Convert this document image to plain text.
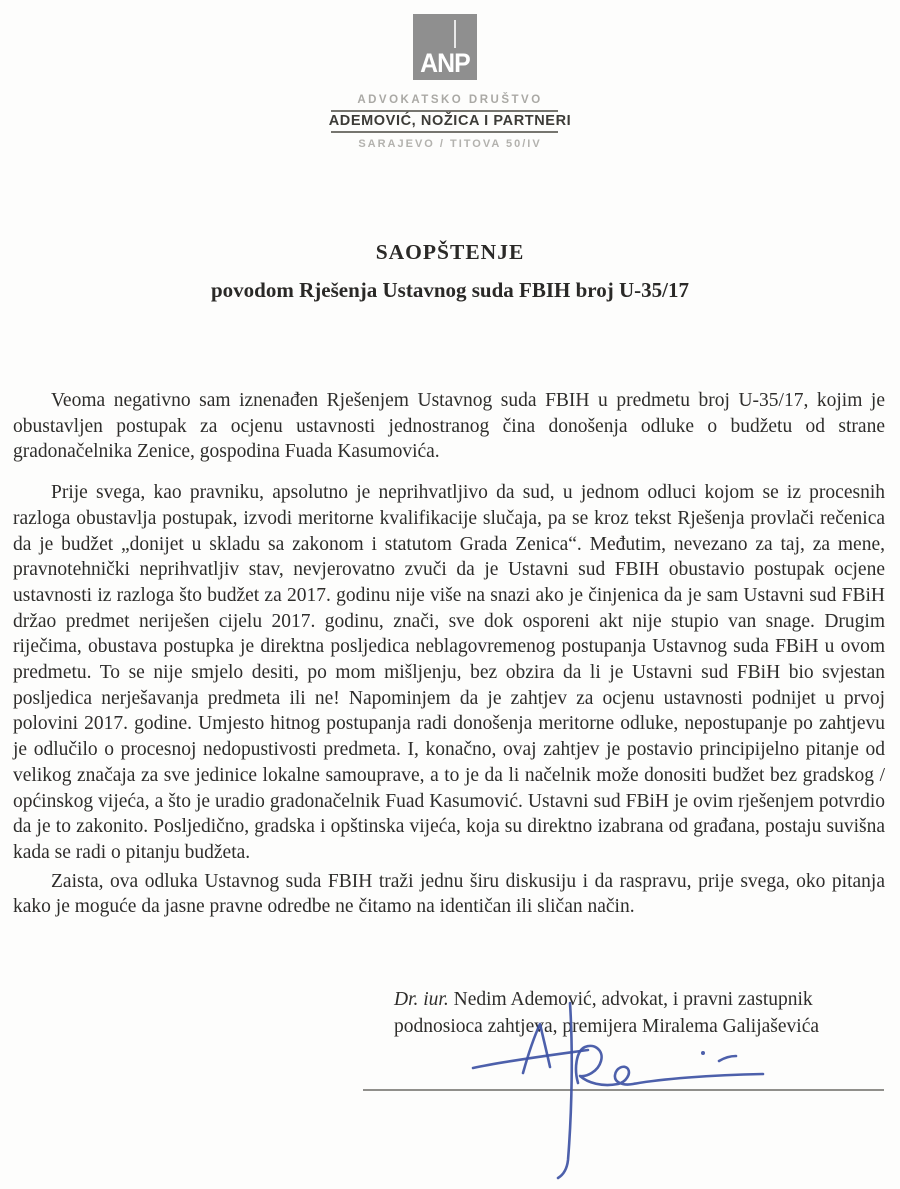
ANP
ADVOKATSKO DRUŠTVO
ADEMOVIĆ, NOŽICA I PARTNERI
SARAJEVO / TITOVA 50/IV
SAOPŠTENJE
povodom Rješenja Ustavnog suda FBIH broj U-35/17

Veoma negativno sam iznenađen Rješenjem Ustavnog suda FBIH u predmetu broj U-35/17, kojim je obustavljen postupak za ocjenu ustavnosti jednostranog čina donošenja odluke o budžetu od strane gradonačelnika Zenice, gospodina Fuada Kasumovića.

Prije svega, kao pravniku, apsolutno je neprihvatljivo da sud, u jednom odluci kojom se iz procesnih razloga obustavlja postupak, izvodi meritorne kvalifikacije slučaja, pa se kroz tekst Rješenja provlači rečenica da je budžet „donijet u skladu sa zakonom i statutom Grada Zenica“. Međutim, nevezano za taj, za mene, pravnotehnički neprihvatljiv stav, nevjerovatno zvuči da je Ustavni sud FBIH obustavio postupak ocjene ustavnosti iz razloga što budžet za 2017. godinu nije više na snazi ako je činjenica da je sam Ustavni sud FBiH držao predmet neriješen cijelu 2017. godinu, znači, sve dok osporeni akt nije stupio van snage. Drugim riječima, obustava postupka je direktna posljedica neblagovremenog postupanja Ustavnog suda FBiH u ovom predmetu. To se nije smjelo desiti, po mom mišljenju, bez obzira da li je Ustavni sud FBiH bio svjestan posljedica nerješavanja predmeta ili ne! Napominjem da je zahtjev za ocjenu ustavnosti podnijet u prvoj polovini 2017. godine. Umjesto hitnog postupanja radi donošenja meritorne odluke, nepostupanje po zahtjevu je odlučilo o procesnoj nedopustivosti predmeta. I, konačno, ovaj zahtjev je postavio principijelno pitanje od velikog značaja za sve jedinice lokalne samouprave, a to je da li načelnik može donositi budžet bez gradskog / općinskog vijeća, a što je uradio gradonačelnik Fuad Kasumović. Ustavni sud FBiH je ovim rješenjem potvrdio da je to zakonito. Posljedično, gradska i opštinska vijeća, koja su direktno izabrana od građana, postaju suvišna kada se radi o pitanju budžeta.

Zaista, ova odluka Ustavnog suda FBIH traži jednu širu diskusiju i da raspravu, prije svega, oko pitanja kako je moguće da jasne pravne odredbe ne čitamo na identičan ili sličan način.

Dr. iur. Nedim Ademović, advokat, i pravni zastupnik
podnosioca zahtjeva, premijera Miralema Galijaševića
